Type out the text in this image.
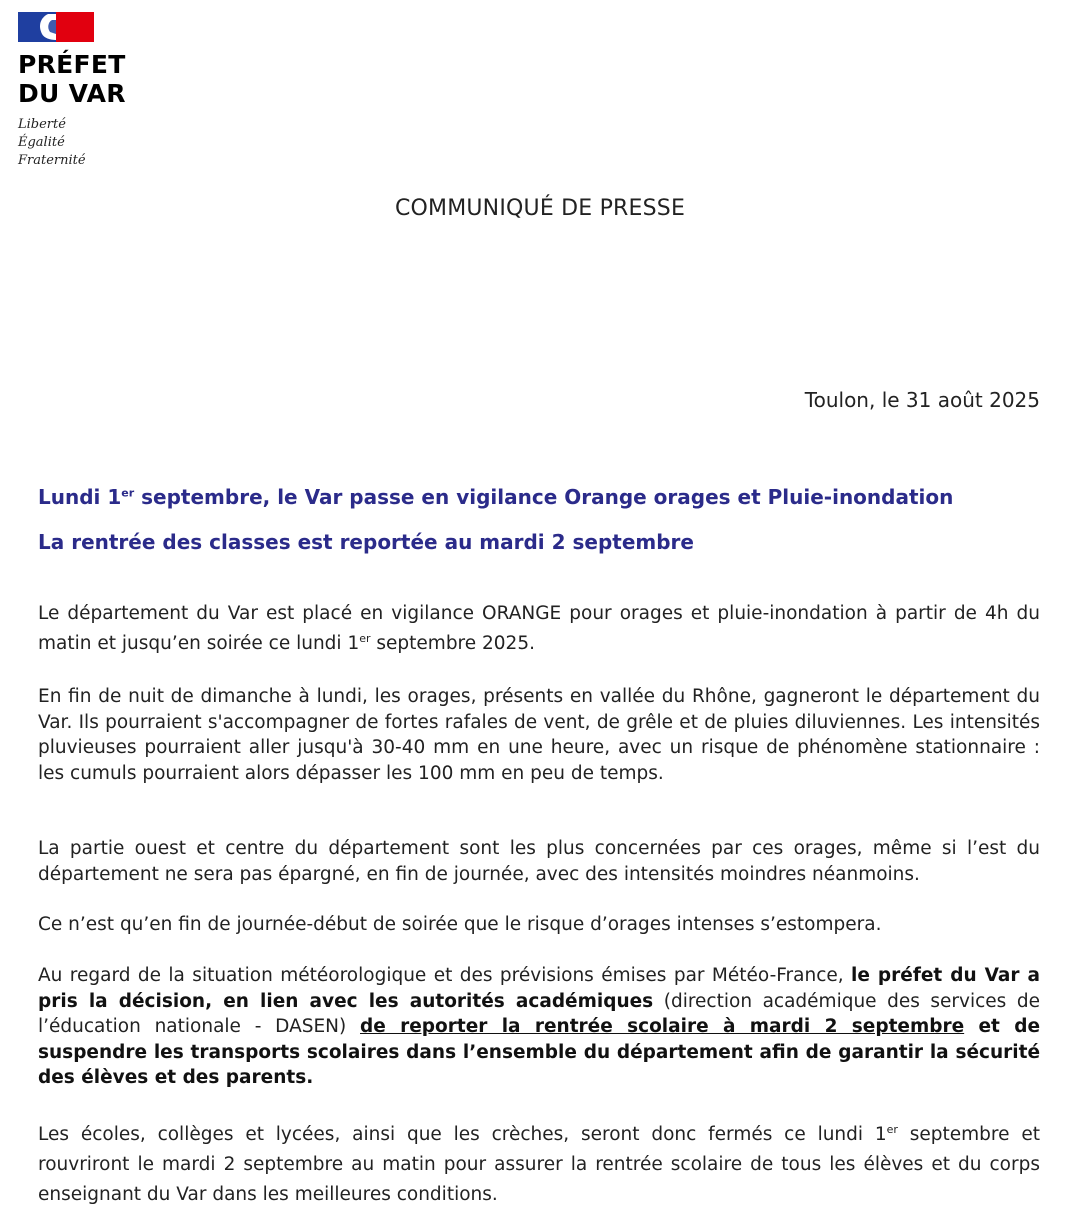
PRÉFET
DU VAR
Liberté
Égalité
Fraternité
COMMUNIQUÉ DE PRESSE
Toulon, le 31 août 2025
Lundi 1er septembre, le Var passe en vigilance Orange orages et Pluie-inondation
La rentrée des classes est reportée au mardi 2 septembre
Le département du Var est placé en vigilance ORANGE pour orages et pluie-inondation à partir de 4h du matin et jusqu’en soirée ce lundi 1er septembre 2025.
En fin de nuit de dimanche à lundi, les orages, présents en vallée du Rhône, gagneront le département du Var. Ils pourraient s'accompagner de fortes rafales de vent, de grêle et de pluies diluviennes. Les intensités pluvieuses pourraient aller jusqu'à 30-40 mm en une heure, avec un risque de phénomène stationnaire : les cumuls pourraient alors dépasser les 100 mm en peu de temps.
La partie ouest et centre du département sont les plus concernées par ces orages, même si l’est du département ne sera pas épargné, en fin de journée, avec des intensités moindres néanmoins.
Ce n’est qu’en fin de journée-début de soirée que le risque d’orages intenses s’estompera.
Au regard de la situation météorologique et des prévisions émises par Météo-France, le préfet du Var a pris la décision, en lien avec les autorités académiques (direction académique des services de l’éducation nationale - DASEN) de reporter la rentrée scolaire à mardi 2 septembre et de suspendre les transports scolaires dans l’ensemble du département afin de garantir la sécurité des élèves et des parents.
Les écoles, collèges et lycées, ainsi que les crèches, seront donc fermés ce lundi 1er septembre et rouvriront le mardi 2 septembre au matin pour assurer la rentrée scolaire de tous les élèves et du corps enseignant du Var dans les meilleures conditions.
